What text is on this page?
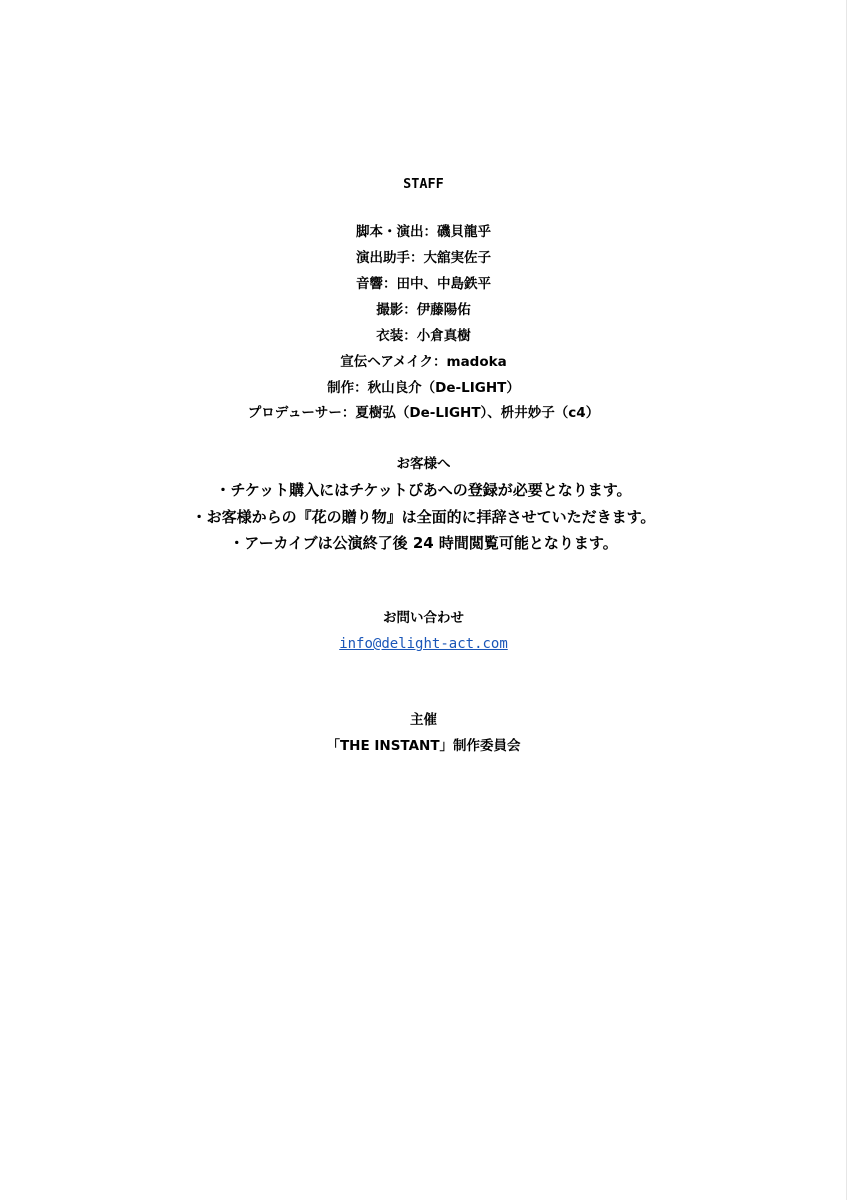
STAFF
脚本・演出：磯貝龍乎
演出助手：大舘実佐子
音響：田中、中島鉄平
撮影：伊藤陽佑
衣装：小倉真樹
宣伝ヘアメイク：madoka
制作：秋山良介（De-LIGHT）
プロデューサー：夏樹弘（De-LIGHT）、枡井妙子（c4）
お客様へ
・チケット購入にはチケットぴあへの登録が必要となります。
・お客様からの『花の贈り物』は全面的に拝辞させていただきます。
・アーカイブは公演終了後 24 時間閲覧可能となります。
お問い合わせ
info@delight-act.com
主催
「THE INSTANT」制作委員会
